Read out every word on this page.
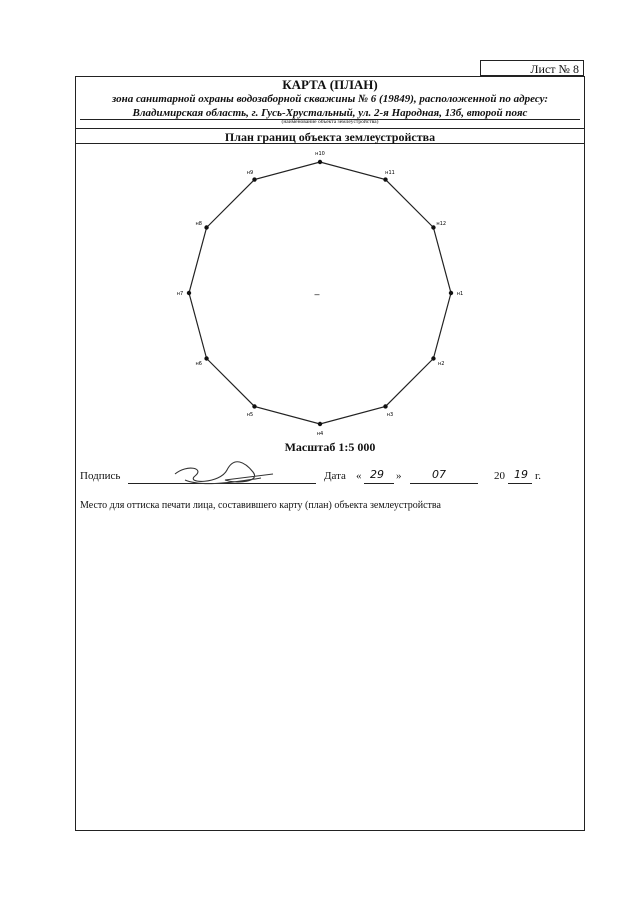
Лист № 8
КАРТА (ПЛАН)
зона санитарной охраны водозаборной скважины № 6 (19849), расположенной по адресу:
Владимирская область, г. Гусь-Хрустальный, ул. 2-я Народная, 13б, второй пояс
(наименование объекта землеустройства)
План границ объекта землеустройства
н1
н2
н3
н4
н5
н6
н7
н8
н9
н10
н11
н12
–
Масштаб 1:5 000
Подпись	Дата « 29 »	07	20 19 г.
Место для оттиска печати лица, составившего карту (план) объекта землеустройства
